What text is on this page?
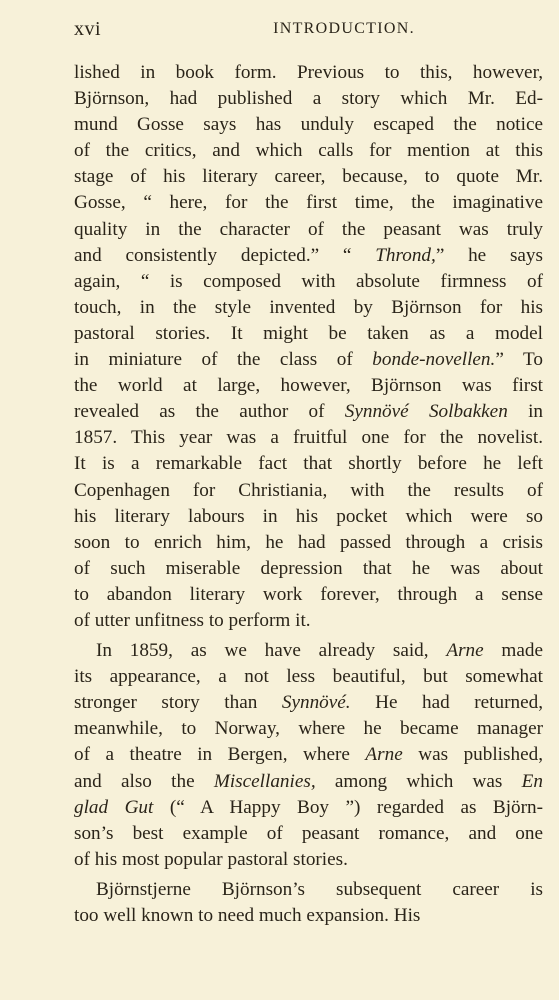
xvi	INTRODUCTION.
lished in book form. Previous to this, however,
Björnson, had published a story which Mr. Ed-
mund Gosse says has unduly escaped the notice
of the critics, and which calls for mention at this
stage of his literary career, because, to quote Mr.
Gosse, “ here, for the first time, the imaginative
quality in the character of the peasant was truly
and consistently depicted.” “ Thrond,” he says
again, “ is composed with absolute firmness of
touch, in the style invented by Björnson for his
pastoral stories. It might be taken as a model
in miniature of the class of bonde-novellen.” To
the world at large, however, Björnson was first
revealed as the author of Synnövé Solbakken in
1857. This year was a fruitful one for the novelist.
It is a remarkable fact that shortly before he left
Copenhagen for Christiania, with the results of
his literary labours in his pocket which were so
soon to enrich him, he had passed through a crisis
of such miserable depression that he was about
to abandon literary work forever, through a sense
of utter unfitness to perform it.
In 1859, as we have already said, Arne made
its appearance, a not less beautiful, but somewhat
stronger story than Synnövé. He had returned,
meanwhile, to Norway, where he became manager
of a theatre in Bergen, where Arne was published,
and also the Miscellanies, among which was En
glad Gut (“ A Happy Boy ”) regarded as Björn-
son’s best example of peasant romance, and one
of his most popular pastoral stories.
Björnstjerne Björnson’s subsequent career is
too well known to need much expansion. His
